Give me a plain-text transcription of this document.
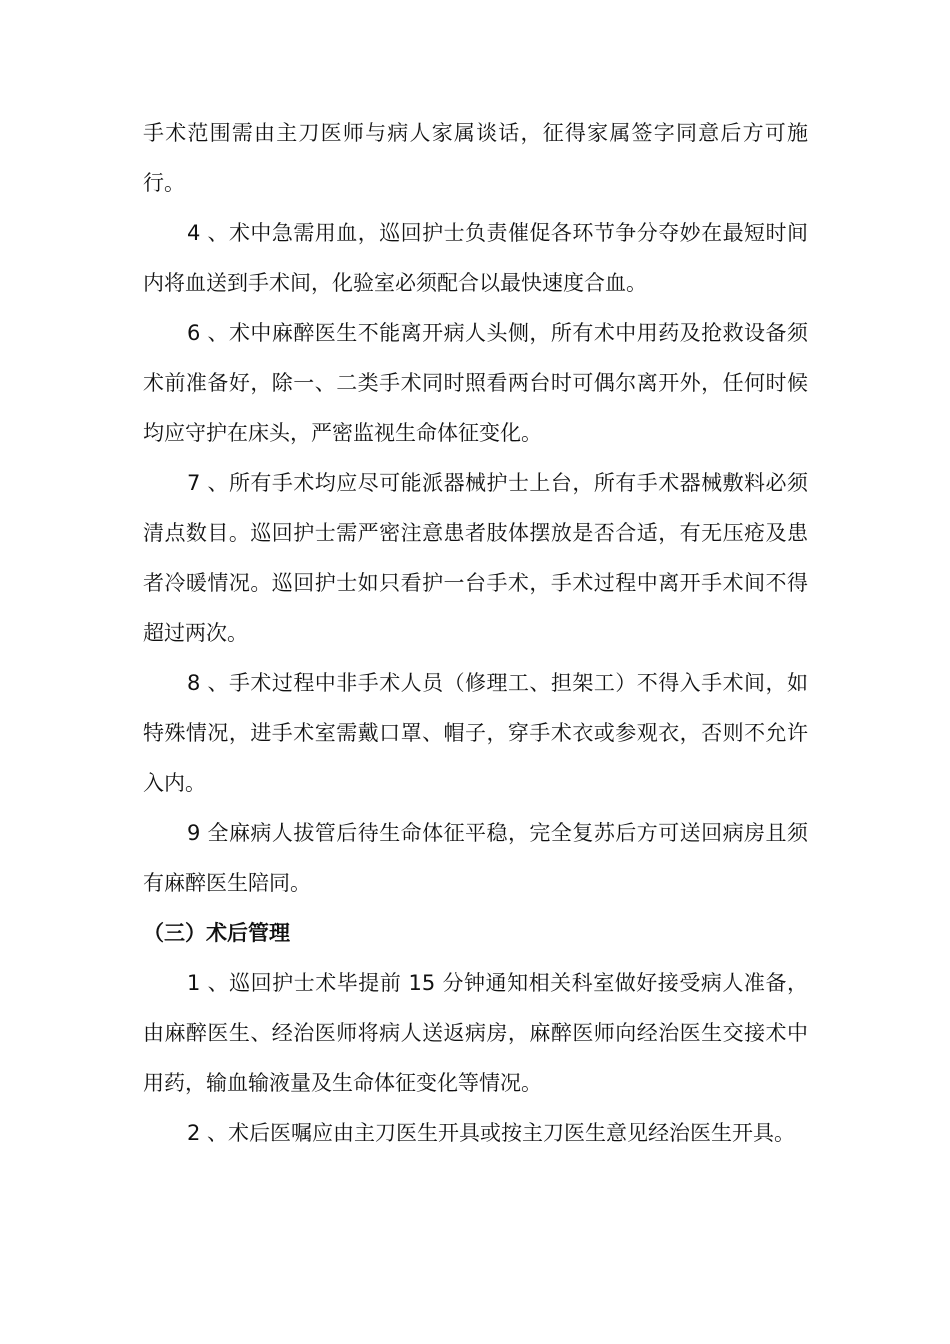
手术范围需由主刀医师与病人家属谈话，征得家属签字同意后方可施行。

4 、术中急需用血，巡回护士负责催促各环节争分夺妙在最短时间内将血送到手术间，化验室必须配合以最快速度合血。

6 、术中麻醉医生不能离开病人头侧，所有术中用药及抢救设备须术前准备好，除一、二类手术同时照看两台时可偶尔离开外，任何时候均应守护在床头，严密监视生命体征变化。

7 、所有手术均应尽可能派器械护士上台，所有手术器械敷料必须清点数目。巡回护士需严密注意患者肢体摆放是否合适，有无压疮及患者冷暖情况。巡回护士如只看护一台手术，手术过程中离开手术间不得超过两次。

8 、手术过程中非手术人员（修理工、担架工）不得入手术间，如特殊情况，进手术室需戴口罩、帽子，穿手术衣或参观衣，否则不允许入内。

9 全麻病人拔管后待生命体征平稳，完全复苏后方可送回病房且须有麻醉医生陪同。

（三）术后管理

1 、巡回护士术毕提前 15 分钟通知相关科室做好接受病人准备，由麻醉医生、经治医师将病人送返病房，麻醉医师向经治医生交接术中用药，输血输液量及生命体征变化等情况。

2 、术后医嘱应由主刀医生开具或按主刀医生意见经治医生开具。
